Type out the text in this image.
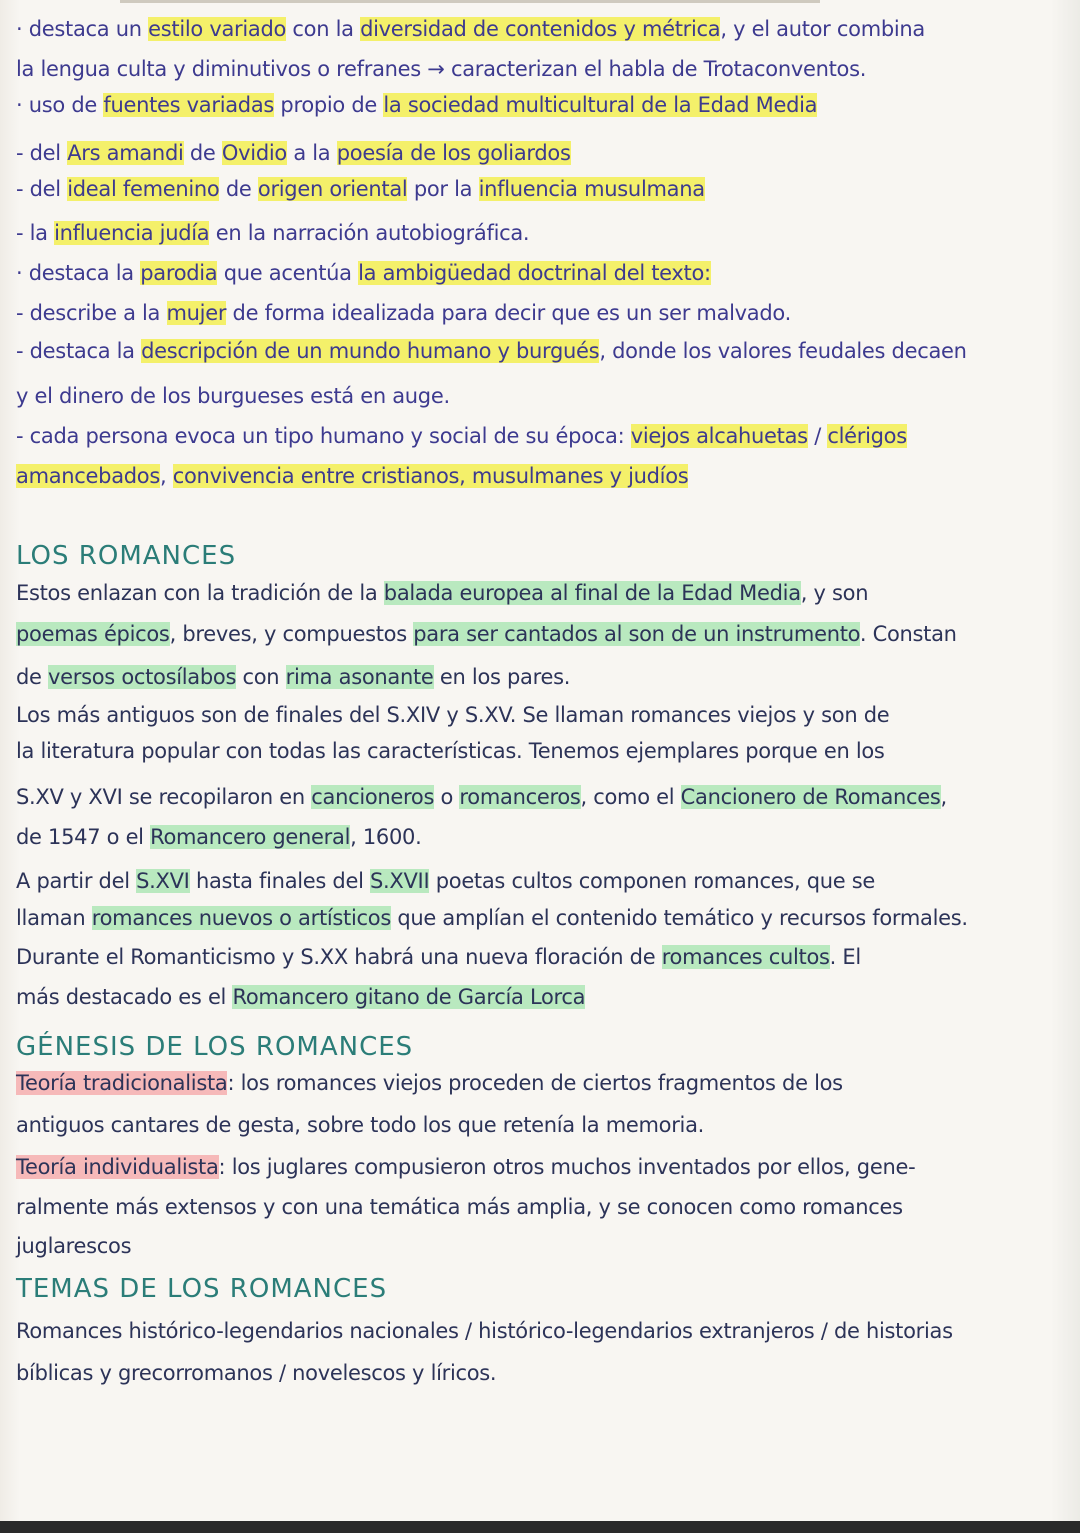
· destaca un estilo variado con la diversidad de contenidos y métrica, y el autor combina
la lengua culta y diminutivos o refranes → caracterizan el habla de Trotaconventos.
· uso de fuentes variadas propio de la sociedad multicultural de la Edad Media
- del Ars amandi de Ovidio a la poesía de los goliardos
- del ideal femenino de origen oriental por la influencia musulmana
- la influencia judía en la narración autobiográfica.
· destaca la parodia que acentúa la ambigüedad doctrinal del texto:
- describe a la mujer de forma idealizada para decir que es un ser malvado.
- destaca la descripción de un mundo humano y burgués, donde los valores feudales decaen
y el dinero de los burgueses está en auge.
- cada persona evoca un tipo humano y social de su época: viejos alcahuetas / clérigos
amancebados, convivencia entre cristianos, musulmanes y judíos
LOS ROMANCES
Estos enlazan con la tradición de la balada europea al final de la Edad Media, y son
poemas épicos, breves, y compuestos para ser cantados al son de un instrumento. Constan
de versos octosílabos con rima asonante en los pares.
Los más antiguos son de finales del S.XIV y S.XV. Se llaman romances viejos y son de
la literatura popular con todas las características. Tenemos ejemplares porque en los
S.XV y XVI se recopilaron en cancioneros o romanceros, como el Cancionero de Romances,
de 1547 o el Romancero general, 1600.
A partir del S.XVI hasta finales del S.XVII poetas cultos componen romances, que se
llaman romances nuevos o artísticos que amplían el contenido temático y recursos formales.
Durante el Romanticismo y S.XX habrá una nueva floración de romances cultos. El
más destacado es el Romancero gitano de García Lorca
GÉNESIS DE LOS ROMANCES
Teoría tradicionalista: los romances viejos proceden de ciertos fragmentos de los
antiguos cantares de gesta, sobre todo los que retenía la memoria.
Teoría individualista: los juglares compusieron otros muchos inventados por ellos, gene-
ralmente más extensos y con una temática más amplia, y se conocen como romances
juglarescos
TEMAS DE LOS ROMANCES
Romances histórico-legendarios nacionales / histórico-legendarios extranjeros / de historias
bíblicas y grecorromanos / novelescos y líricos.
